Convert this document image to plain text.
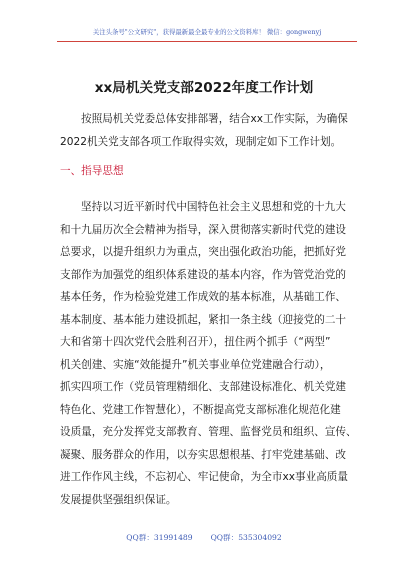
关注头条号"公文研究"，获得最新最全最专业的公文资料库！ 微信：gongwenyj
xx局机关党支部2022年度工作计划
按照局机关党委总体安排部署，结合xx工作实际，为确保
2022机关党支部各项工作取得实效，现制定如下工作计划。
一、指导思想
坚持以习近平新时代中国特色社会主义思想和党的十九大
和十九届历次全会精神为指导，深入贯彻落实新时代党的建设
总要求，以提升组织力为重点，突出强化政治功能，把抓好党
支部作为加强党的组织体系建设的基本内容，作为管党治党的
基本任务，作为检验党建工作成效的基本标准，从基础工作、
基本制度、基本能力建设抓起，紧扣一条主线（迎接党的二十
大和省第十四次党代会胜利召开），扭住两个抓手（“两型”
机关创建、实施“效能提升”机关事业单位党建融合行动），
抓实四项工作（党员管理精细化、支部建设标准化、机关党建
特色化、党建工作智慧化），不断提高党支部标准化规范化建
设质量，充分发挥党支部教育、管理、监督党员和组织、宣传、
凝聚、服务群众的作用，以夯实思想根基、打牢党建基础、改
进工作作风主线，不忘初心、牢记使命，为全市xx事业高质量
发展提供坚强组织保证。
QQ群：31991489 QQ群：535304092
